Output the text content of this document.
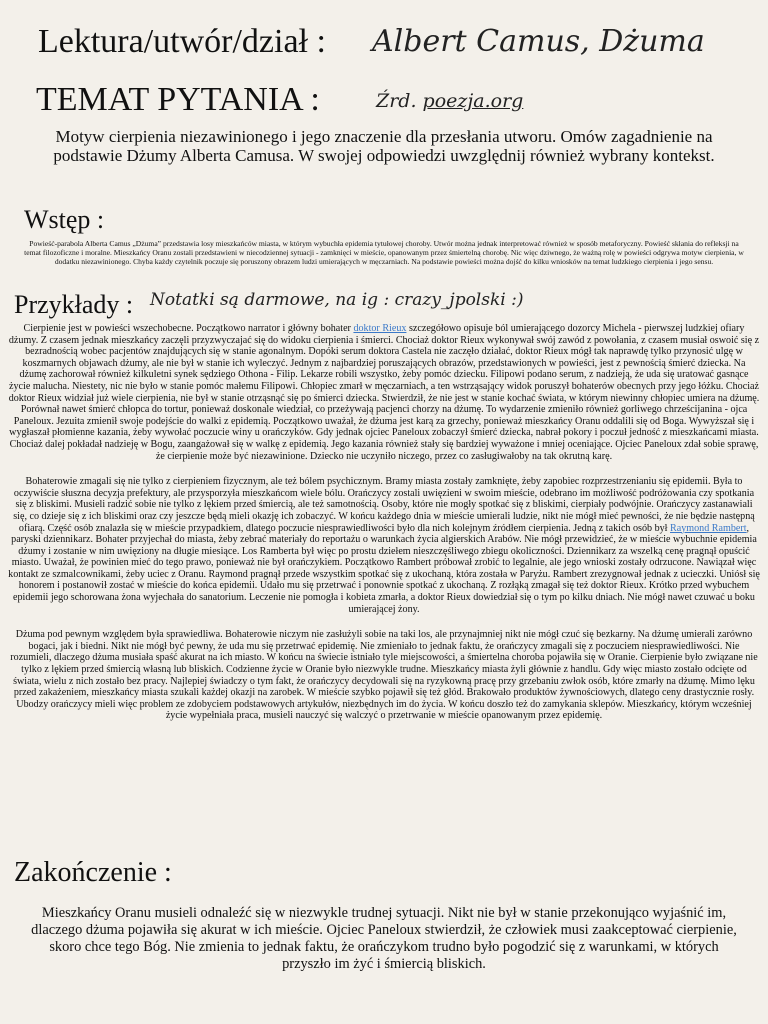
Lektura/utwór/dział : Albert Camus, Dżuma
TEMAT PYTANIA :	Źrd. poezja.org
Motyw cierpienia niezawinionego i jego znaczenie dla przesłania utworu. Omów zagadnienie na podstawie Dżumy Alberta Camusa. W swojej odpowiedzi uwzględnij również wybrany kontekst.
Wstęp :
Powieść-parabola Alberta Camus „Dżuma” przedstawia losy mieszkańców miasta, w którym wybuchła epidemia tytułowej choroby. Utwór można jednak interpretować również w sposób metaforyczny. Powieść skłania do refleksji na temat filozoficzne i moralne. Mieszkańcy Oranu zostali przedstawieni w niecodziennej sytuacji - zamknięci w mieście, opanowanym przez śmiertelną chorobę. Nic więc dziwnego, że ważną rolę w powieści odgrywa motyw cierpienia, w dodatku niezawinionego. Chyba każdy czytelnik poczuje się poruszony obrazem ludzi umierających w męczarniach. Na podstawie powieści można dojść do kilku wniosków na temat ludzkiego cierpienia i jego sensu.
Przykłady : Notatki są darmowe, na ig : crazy_jpolski :)

Cierpienie jest w powieści wszechobecne. Początkowo narrator i główny bohater doktor Rieux szczegółowo opisuje ból umierającego dozorcy Michela - pierwszej ludzkiej ofiary dżumy. Z czasem jednak mieszkańcy zaczęli przyzwyczajać się do widoku cierpienia i śmierci. Chociaż doktor Rieux wykonywał swój zawód z powołania, z czasem musiał oswoić się z bezradnością wobec pacjentów znajdujących się w stanie agonalnym. Dopóki serum doktora Castela nie zaczęło działać, doktor Rieux mógł tak naprawdę tylko przynosić ulgę w koszmarnych objawach dżumy, ale nie był w stanie ich wyleczyć. Jednym z najbardziej poruszających obrazów, przedstawionych w powieści, jest z pewnością śmierć dziecka. Na dżumę zachorował również kilkuletni synek sędziego Othona - Filip. Lekarze robili wszystko, żeby pomóc dziecku. Filipowi podano serum, z nadzieją, że uda się uratować gasnące życie malucha. Niestety, nic nie było w stanie pomóc małemu Filipowi. Chłopiec zmarł w męczarniach, a ten wstrząsający widok poruszył bohaterów obecnych przy jego łóżku. Chociaż doktor Rieux widział już wiele cierpienia, nie był w stanie otrząsnąć się po śmierci dziecka. Stwierdził, że nie jest w stanie kochać świata, w którym niewinny chłopiec umiera na dżumę. Porównał nawet śmierć chłopca do tortur, ponieważ doskonale wiedział, co przeżywają pacjenci chorzy na dżumę. To wydarzenie zmieniło również gorliwego chrześcijanina - ojca Paneloux. Jezuita zmienił swoje podejście do walki z epidemią. Początkowo uważał, że dżuma jest karą za grzechy, ponieważ mieszkańcy Oranu oddalili się od Boga. Wywyższał się i wygłaszał płomienne kazania, żeby wywołać poczucie winy u orańczyków. Gdy jednak ojciec Paneloux zobaczył śmierć dziecka, nabrał pokory i poczuł jedność z mieszkańcami miasta. Chociaż dalej pokładał nadzieję w Bogu, zaangażował się w walkę z epidemią. Jego kazania również stały się bardziej wyważone i mniej oceniające. Ojciec Paneloux zdał sobie sprawę, że cierpienie może być niezawinione. Dziecko nie uczyniło niczego, przez co zasługiwałoby na tak okrutną karę.

Bohaterowie zmagali się nie tylko z cierpieniem fizycznym, ale też bólem psychicznym. Bramy miasta zostały zamknięte, żeby zapobiec rozprzestrzenianiu się epidemii. Była to oczywiście słuszna decyzja prefektury, ale przysporzyła mieszkańcom wiele bólu. Orańczycy zostali uwięzieni w swoim mieście, odebrano im możliwość podróżowania czy spotkania się z bliskimi. Musieli radzić sobie nie tylko z lękiem przed śmiercią, ale też samotnością. Osoby, które nie mogły spotkać się z bliskimi, cierpiały podwójnie. Orańczycy zastanawiali się, co dzieje się z ich bliskimi oraz czy jeszcze będą mieli okazję ich zobaczyć. W końcu każdego dnia w mieście umierali ludzie, nikt nie mógł mieć pewności, że nie będzie następną ofiarą. Część osób znalazła się w mieście przypadkiem, dlatego poczucie niesprawiedliwości było dla nich kolejnym źródłem cierpienia. Jedną z takich osób był Raymond Rambert, paryski dziennikarz. Bohater przyjechał do miasta, żeby zebrać materiały do reportażu o warunkach życia algierskich Arabów. Nie mógł przewidzieć, że w mieście wybuchnie epidemia dżumy i zostanie w nim uwięziony na długie miesiące. Los Ramberta był więc po prostu dziełem nieszczęśliwego zbiegu okoliczności. Dziennikarz za wszelką cenę pragnął opuścić miasto. Uważał, że powinien mieć do tego prawo, ponieważ nie był orańczykiem. Początkowo Rambert próbował zrobić to legalnie, ale jego wnioski zostały odrzucone. Nawiązał więc kontakt ze szmalcownikami, żeby uciec z Oranu. Raymond pragnął przede wszystkim spotkać się z ukochaną, która została w Paryżu. Rambert zrezygnował jednak z ucieczki. Uniósł się honorem i postanowił zostać w mieście do końca epidemii. Udało mu się przetrwać i ponownie spotkać z ukochaną. Z rozłąką zmagał się też doktor Rieux. Krótko przed wybuchem epidemii jego schorowana żona wyjechała do sanatorium. Leczenie nie pomogła i kobieta zmarła, a doktor Rieux dowiedział się o tym po kilku dniach. Nie mógł nawet czuwać u boku umierającej żony.

Dżuma pod pewnym względem była sprawiedliwa. Bohaterowie niczym nie zasłużyli sobie na taki los, ale przynajmniej nikt nie mógł czuć się bezkarny. Na dżumę umierali zarówno bogaci, jak i biedni. Nikt nie mógł być pewny, że uda mu się przetrwać epidemię. Nie zmieniało to jednak faktu, że orańczycy zmagali się z poczuciem niesprawiedliwości. Nie rozumieli, dlaczego dżuma musiała spaść akurat na ich miasto. W końcu na świecie istniało tyle miejscowości, a śmiertelna choroba pojawiła się w Oranie. Cierpienie było związane nie tylko z lękiem przed śmiercią własną lub bliskich. Codzienne życie w Oranie było niezwykle trudne. Mieszkańcy miasta żyli głównie z handlu. Gdy więc miasto zostało odcięte od świata, wielu z nich zostało bez pracy. Najlepiej świadczy o tym fakt, że orańczycy decydowali się na ryzykowną pracę przy grzebaniu zwłok osób, które zmarły na dżumę. Mimo lęku przed zakażeniem, mieszkańcy miasta szukali każdej okazji na zarobek. W mieście szybko pojawił się też głód. Brakowało produktów żywnościowych, dlatego ceny drastycznie rosły. Ubodzy orańczycy mieli więc problem ze zdobyciem podstawowych artykułów, niezbędnych im do życia. W końcu doszło też do zamykania sklepów. Mieszkańcy, którym wcześniej życie wypełniała praca, musieli nauczyć się walczyć o przetrwanie w mieście opanowanym przez epidemię.

Zakończenie :
Mieszkańcy Oranu musieli odnaleźć się w niezwykle trudnej sytuacji. Nikt nie był w stanie przekonująco wyjaśnić im, dlaczego dżuma pojawiła się akurat w ich mieście. Ojciec Paneloux stwierdził, że człowiek musi zaakceptować cierpienie, skoro chce tego Bóg. Nie zmienia to jednak faktu, że orańczykom trudno było pogodzić się z warunkami, w których przyszło im żyć i śmiercią bliskich.
